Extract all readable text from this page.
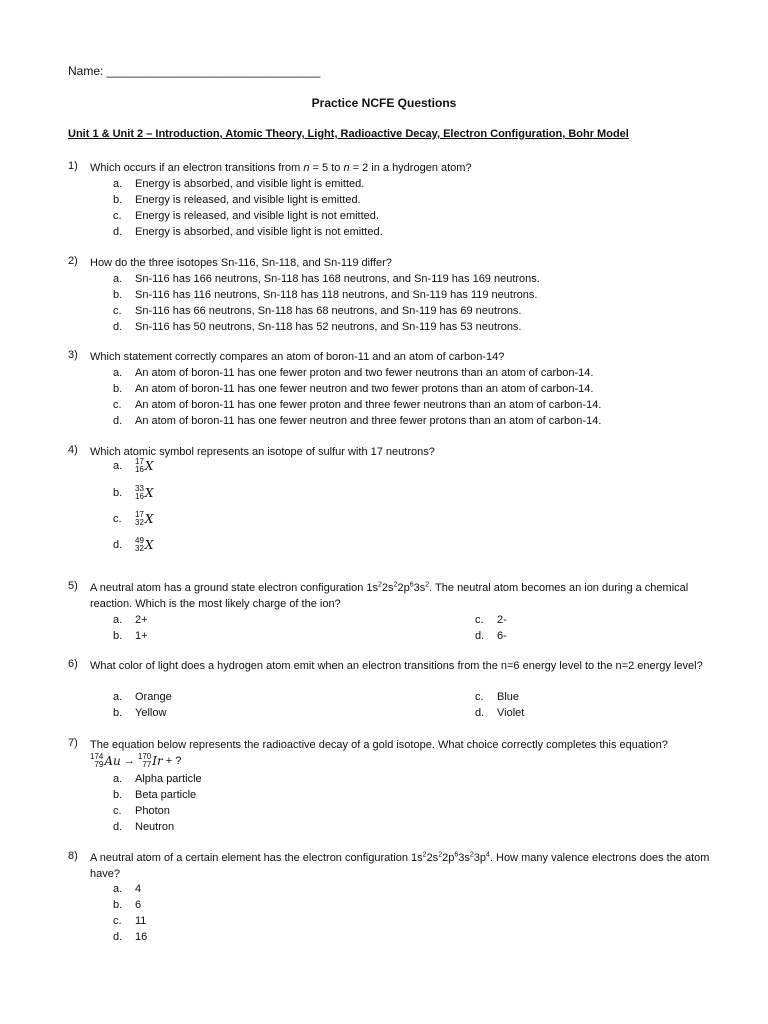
Name: ________________________________
Practice NCFE Questions
Unit 1 & Unit 2 – Introduction, Atomic Theory, Light, Radioactive Decay, Electron Configuration, Bohr Model
1) Which occurs if an electron transitions from n = 5 to n = 2 in a hydrogen atom?
a. Energy is absorbed, and visible light is emitted.
b. Energy is released, and visible light is emitted.
c. Energy is released, and visible light is not emitted.
d. Energy is absorbed, and visible light is not emitted.
2) How do the three isotopes Sn-116, Sn-118, and Sn-119 differ?
a. Sn-116 has 166 neutrons, Sn-118 has 168 neutrons, and Sn-119 has 169 neutrons.
b. Sn-116 has 116 neutrons, Sn-118 has 118 neutrons, and Sn-119 has 119 neutrons.
c. Sn-116 has 66 neutrons, Sn-118 has 68 neutrons, and Sn-119 has 69 neutrons.
d. Sn-116 has 50 neutrons, Sn-118 has 52 neutrons, and Sn-119 has 53 neutrons.
3) Which statement correctly compares an atom of boron-11 and an atom of carbon-14?
a. An atom of boron-11 has one fewer proton and two fewer neutrons than an atom of carbon-14.
b. An atom of boron-11 has one fewer neutron and two fewer protons than an atom of carbon-14.
c. An atom of boron-11 has one fewer proton and three fewer neutrons than an atom of carbon-14.
d. An atom of boron-11 has one fewer neutron and three fewer protons than an atom of carbon-14.
4) Which atomic symbol represents an isotope of sulfur with 17 neutrons?
a. 17
16 X
b. 33
16 X
c. 17
32 X
d. 49
32 X
5) A neutral atom has a ground state electron configuration $1s^22s^22p^63s^2$. The neutral atom becomes an ion during a chemical reaction. Which is the most likely charge of the ion?
a. 2+
b. 1+
c. 2-
d. 6-
6) What color of light does a hydrogen atom emit when an electron transitions from the n=6 energy level to the n=2 energy level?
a. Orange
b. Yellow
c. Blue
d. Violet
7) The equation below represents the radioactive decay of a gold isotope. What choice correctly completes this equation?
174
79 Au → 170
77 Ir + ?
a. Alpha particle
b. Beta particle
c. Photon
d. Neutron
8) A neutral atom of a certain element has the electron configuration $1s^22s^22p^63s^23p^4$. How many valence electrons does the atom have?
a. 4
b. 6
c. 11
d. 16
